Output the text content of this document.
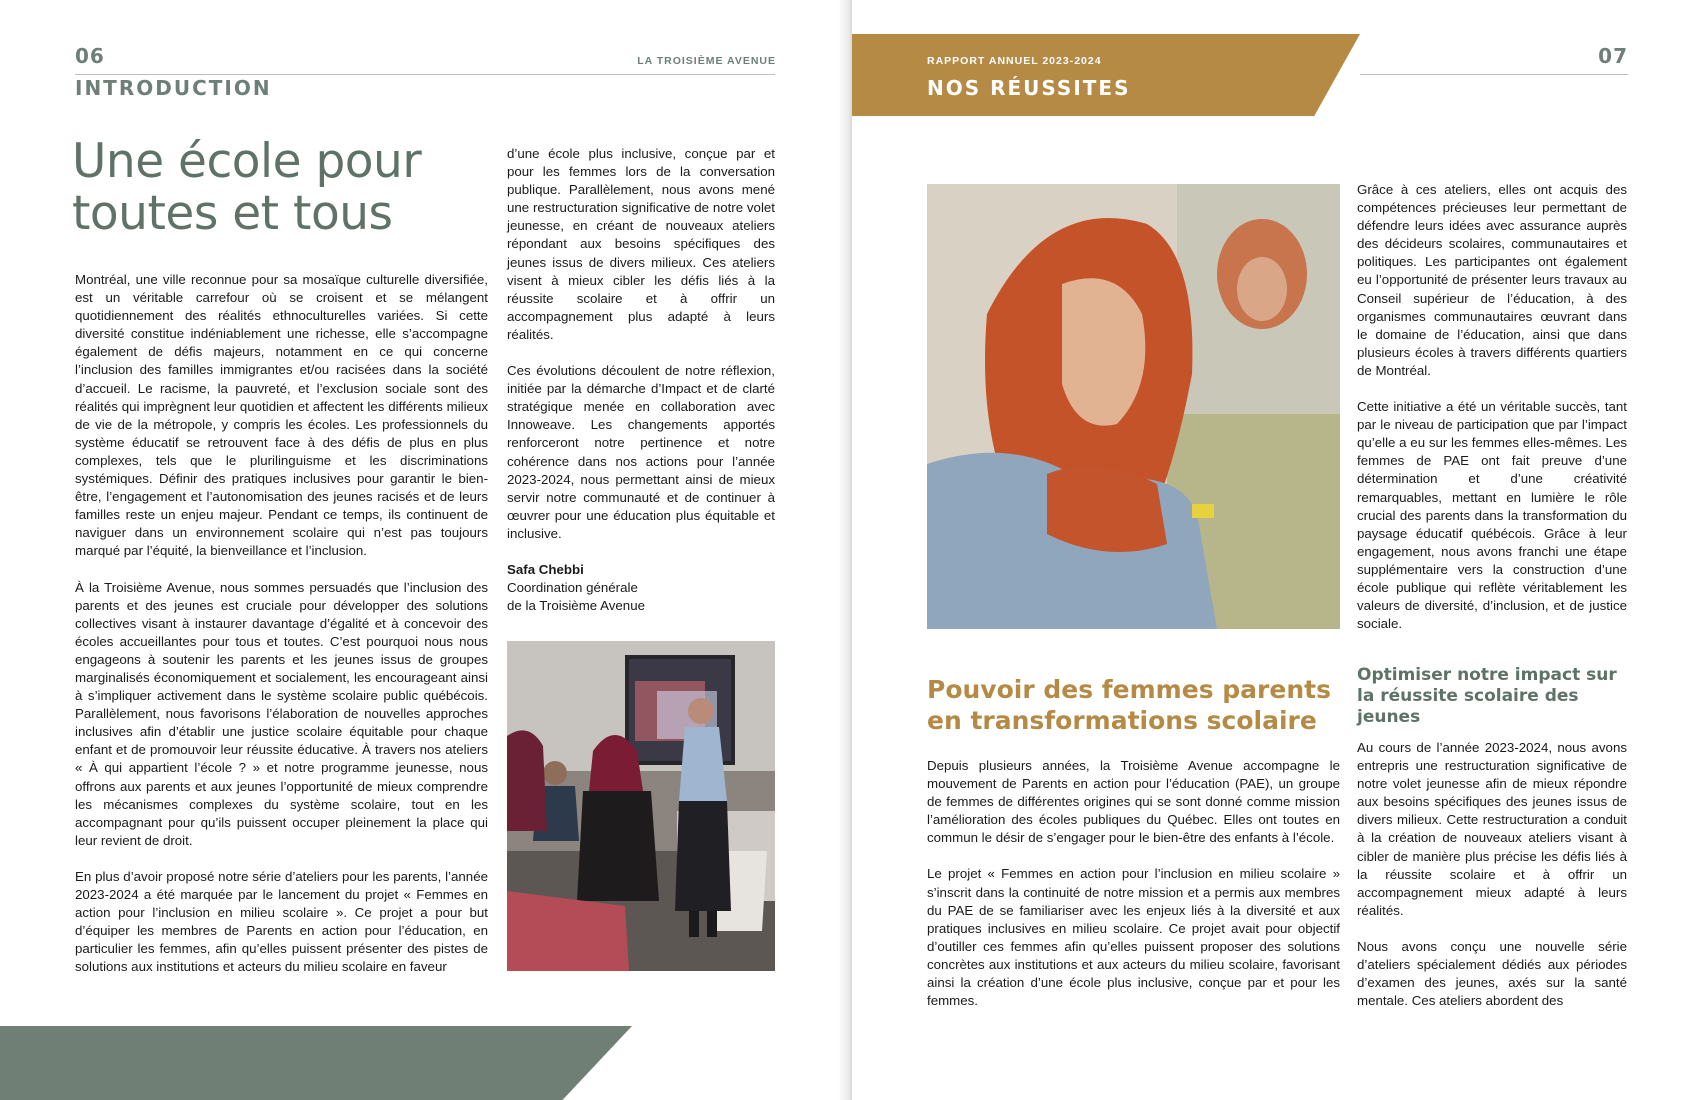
06	LA TROISIÈME AVENUE
INTRODUCTION
Une école pour
toutes et tous

Montréal, une ville reconnue pour sa mosaïque culturelle diversifiée, est un véritable carrefour où se croisent et se mélangent quotidiennement des réalités ethnoculturelles variées. Si cette diversité constitue indéniablement une richesse, elle s’accompagne également de défis majeurs, notamment en ce qui concerne l’inclusion des familles immigrantes et/ou racisées dans la société d’accueil. Le racisme, la pauvreté, et l’exclusion sociale sont des réalités qui imprègnent leur quotidien et affectent les différents milieux de vie de la métropole, y compris les écoles. Les professionnels du système éducatif se retrouvent face à des défis de plus en plus complexes, tels que le plurilinguisme et les discriminations systémiques. Définir des pratiques inclusives pour garantir le bien-être, l’engagement et l’autonomisation des jeunes racisés et de leurs familles reste un enjeu majeur. Pendant ce temps, ils continuent de naviguer dans un environnement scolaire qui n’est pas toujours marqué par l’équité, la bienveillance et l’inclusion.

À la Troisième Avenue, nous sommes persuadés que l’inclusion des parents et des jeunes est cruciale pour développer des solutions collectives visant à instaurer davantage d’égalité et à concevoir des écoles accueillantes pour tous et toutes. C’est pourquoi nous nous engageons à soutenir les parents et les jeunes issus de groupes marginalisés économiquement et socialement, les encourageant ainsi à s’impliquer activement dans le système scolaire public québécois. Parallèlement, nous favorisons l’élaboration de nouvelles approches inclusives afin d’établir une justice scolaire équitable pour chaque enfant et de promouvoir leur réussite éducative. À travers nos ateliers « À qui appartient l’école ? » et notre programme jeunesse, nous offrons aux parents et aux jeunes l’opportunité de mieux comprendre les mécanismes complexes du système scolaire, tout en les accompagnant pour qu’ils puissent occuper pleinement la place qui leur revient de droit.

En plus d’avoir proposé notre série d’ateliers pour les parents, l’année 2023-2024 a été marquée par le lancement du projet « Femmes en action pour l’inclusion en milieu scolaire ». Ce projet a pour but d’équiper les membres de Parents en action pour l’éducation, en particulier les femmes, afin qu’elles puissent présenter des pistes de solutions aux institutions et acteurs du milieu scolaire en faveur

d’une école plus inclusive, conçue par et pour les femmes lors de la conversation publique. Parallèlement, nous avons mené une restructuration significative de notre volet jeunesse, en créant de nouveaux ateliers répondant aux besoins spécifiques des jeunes issus de divers milieux. Ces ateliers visent à mieux cibler les défis liés à la réussite scolaire et à offrir un accompagnement plus adapté à leurs réalités.

Ces évolutions découlent de notre réflexion, initiée par la démarche d’Impact et de clarté stratégique menée en collaboration avec Innoweave. Les changements apportés renforceront notre pertinence et notre cohérence dans nos actions pour l’année 2023-2024, nous permettant ainsi de mieux servir notre communauté et de continuer à œuvrer pour une éducation plus équitable et inclusive.

Safa Chebbi
Coordination générale
de la Troisième Avenue
RAPPORT ANNUEL 2023-2024
NOS RÉUSSITES
07

Grâce à ces ateliers, elles ont acquis des compétences précieuses leur permettant de défendre leurs idées avec assurance auprès des décideurs scolaires, communautaires et politiques. Les participantes ont également eu l’opportunité de présenter leurs travaux au Conseil supérieur de l’éducation, à des organismes communautaires œuvrant dans le domaine de l’éducation, ainsi que dans plusieurs écoles à travers différents quartiers de Montréal.

Cette initiative a été un véritable succès, tant par le niveau de participation que par l’impact qu’elle a eu sur les femmes elles-mêmes. Les femmes de PAE ont fait preuve d’une détermination et d’une créativité remarquables, mettant en lumière le rôle crucial des parents dans la transformation du paysage éducatif québécois. Grâce à leur engagement, nous avons franchi une étape supplémentaire vers la construction d’une école publique qui reflète véritablement les valeurs de diversité, d’inclusion, et de justice sociale.

Pouvoir des femmes parents en transformations scolaire

Depuis plusieurs années, la Troisième Avenue accompagne le mouvement de Parents en action pour l’éducation (PAE), un groupe de femmes de différentes origines qui se sont donné comme mission l’amélioration des écoles publiques du Québec. Elles ont toutes en commun le désir de s’engager pour le bien-être des enfants à l’école.

Le projet « Femmes en action pour l’inclusion en milieu scolaire » s’inscrit dans la continuité de notre mission et a permis aux membres du PAE de se familiariser avec les enjeux liés à la diversité et aux pratiques inclusives en milieu scolaire. Ce projet avait pour objectif d’outiller ces femmes afin qu’elles puissent proposer des solutions concrètes aux institutions et aux acteurs du milieu scolaire, favorisant ainsi la création d’une école plus inclusive, conçue par et pour les femmes.

Optimiser notre impact sur la réussite scolaire des jeunes

Au cours de l’année 2023-2024, nous avons entrepris une restructuration significative de notre volet jeunesse afin de mieux répondre aux besoins spécifiques des jeunes issus de divers milieux. Cette restructuration a conduit à la création de nouveaux ateliers visant à cibler de manière plus précise les défis liés à la réussite scolaire et à offrir un accompagnement mieux adapté à leurs réalités.

Nous avons conçu une nouvelle série d’ateliers spécialement dédiés aux périodes d’examen des jeunes, axés sur la santé mentale. Ces ateliers abordent des
